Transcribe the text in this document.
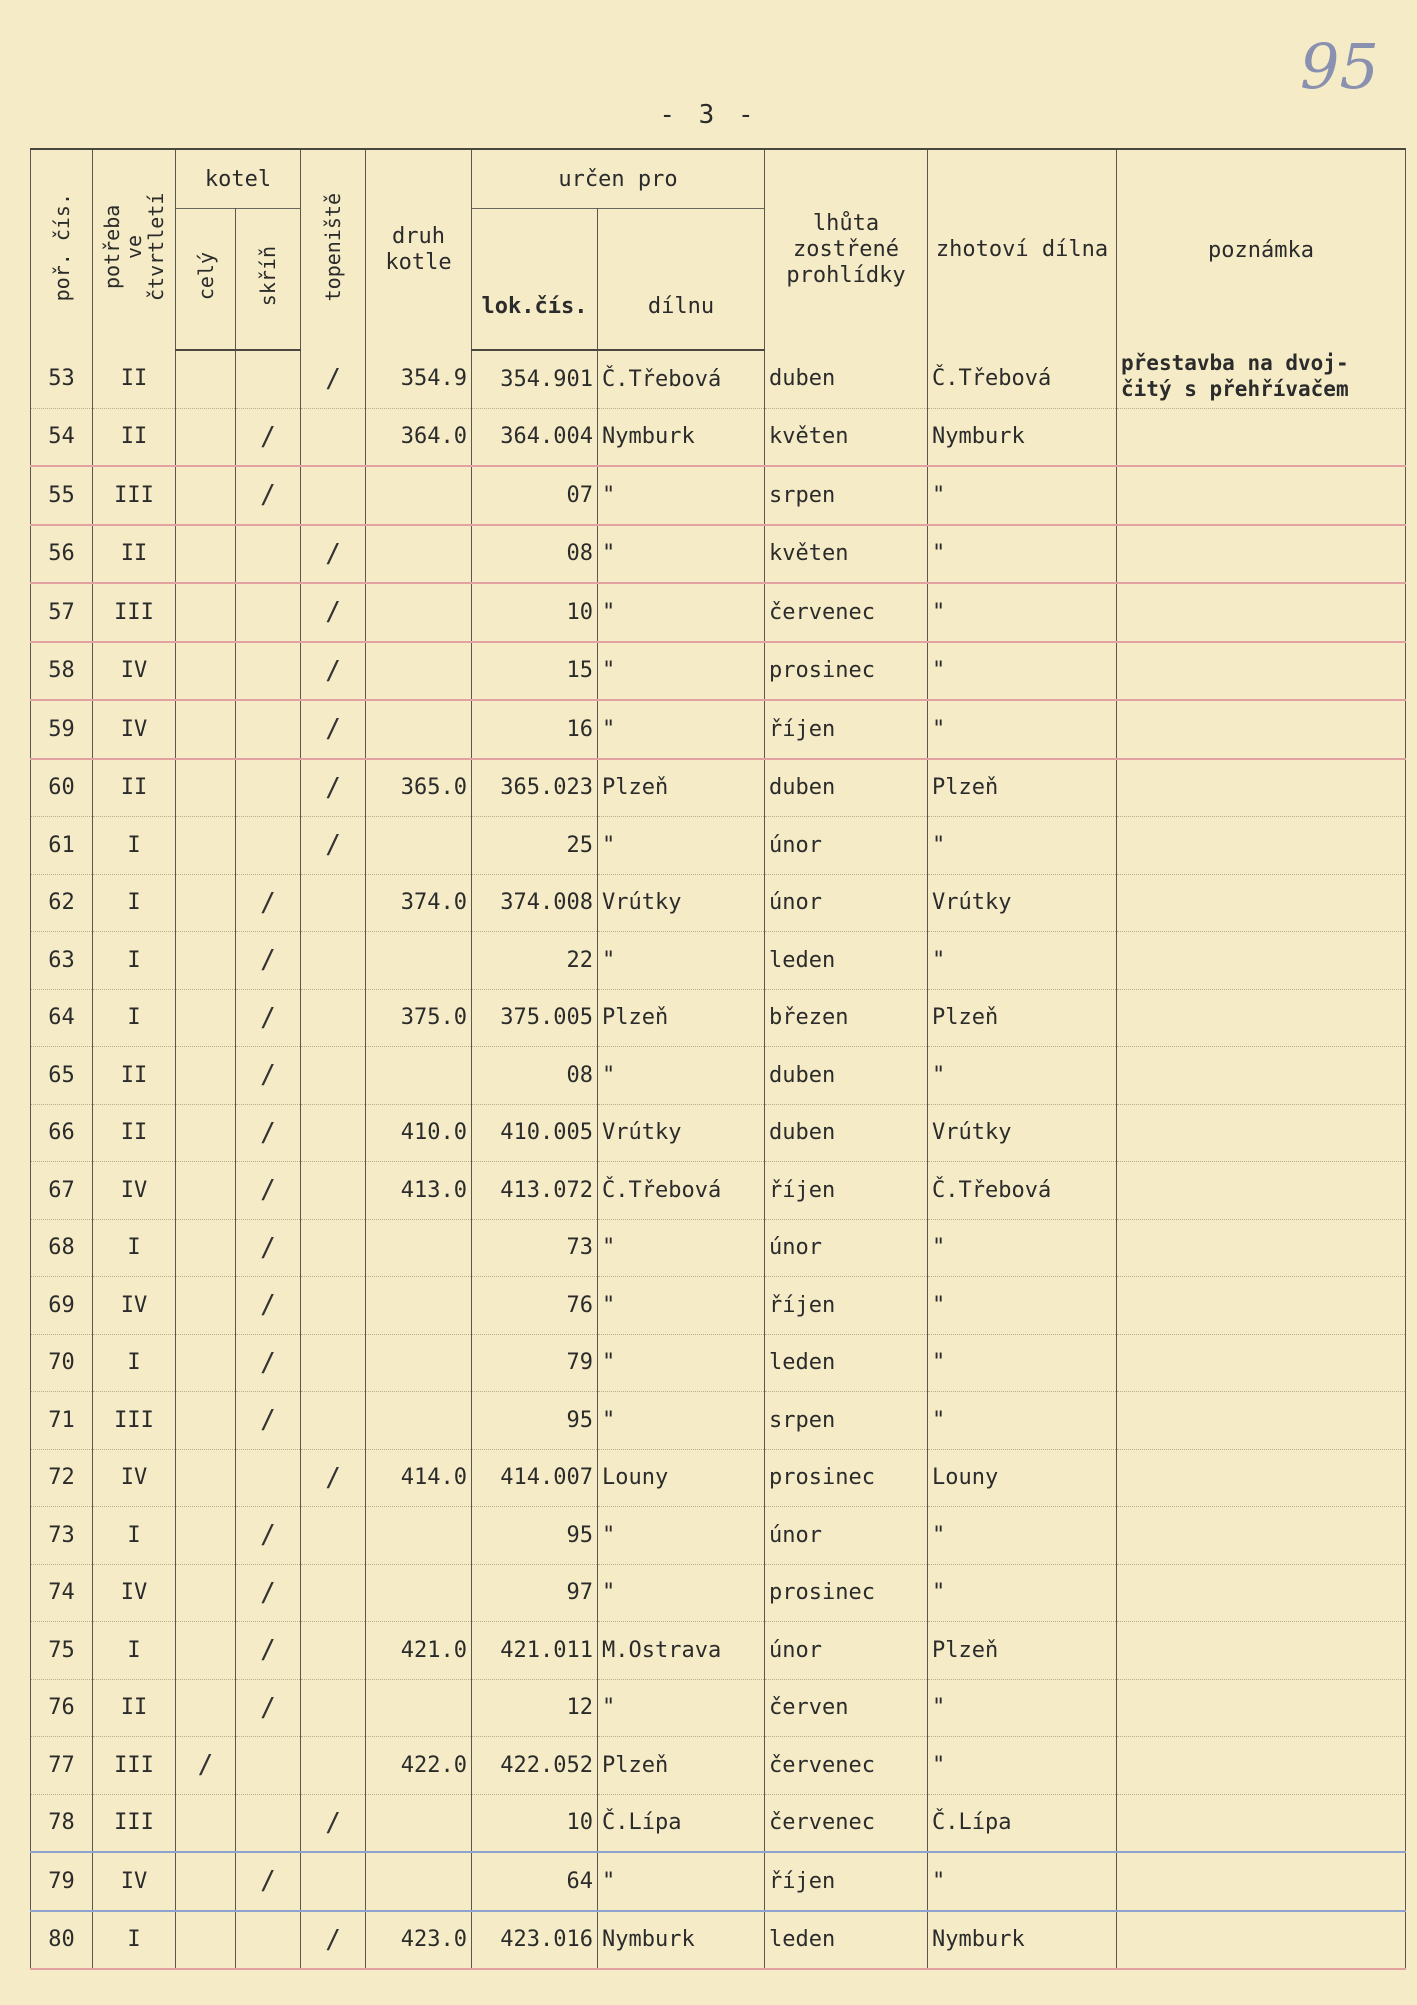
95
- 3 -
poř. čís.	potřeba ve čtvrtletí	kotel		topeniště	druh kotle	určen pro		lhůta zostřené prohlídky	zhotoví dílna	poznámka
		celý	skříň			lok.čís.	dílnu			
53	II			/	354.9	354.901	Č.Třebová	duben	Č.Třebová	přestavba na dvoj- čitý s přehřívačem
54	II		/		364.0	364.004	Nymburk	květen	Nymburk	
55	III		/			07	"	srpen	"	
56	II			/		08	"	květen	"	
57	III			/		10	"	červenec	"	
58	IV			/		15	"	prosinec	"	
59	IV			/		16	"	říjen	"	
60	II			/	365.0	365.023	Plzeň	duben	Plzeň	
61	I			/		25	"	únor	"	
62	I		/		374.0	374.008	Vrútky	únor	Vrútky	
63	I		/			22	"	leden	"	
64	I		/		375.0	375.005	Plzeň	březen	Plzeň	
65	II		/			08	"	duben	"	
66	II		/		410.0	410.005	Vrútky	duben	Vrútky	
67	IV		/		413.0	413.072	Č.Třebová	říjen	Č.Třebová	
68	I		/			73	"	únor	"	
69	IV		/			76	"	říjen	"	
70	I		/			79	"	leden	"	
71	III		/			95	"	srpen	"	
72	IV			/	414.0	414.007	Louny	prosinec	Louny	
73	I		/			95	"	únor	"	
74	IV		/			97	"	prosinec	"	
75	I		/		421.0	421.011	M.Ostrava	únor	Plzeň	
76	II		/			12	"	červen	"	
77	III	/			422.0	422.052	Plzeň	červenec	"	
78	III			/		10	Č.Lípa	červenec	Č.Lípa	
79	IV		/			64	"	říjen	"	
80	I			/	423.0	423.016	Nymburk	leden	Nymburk	
